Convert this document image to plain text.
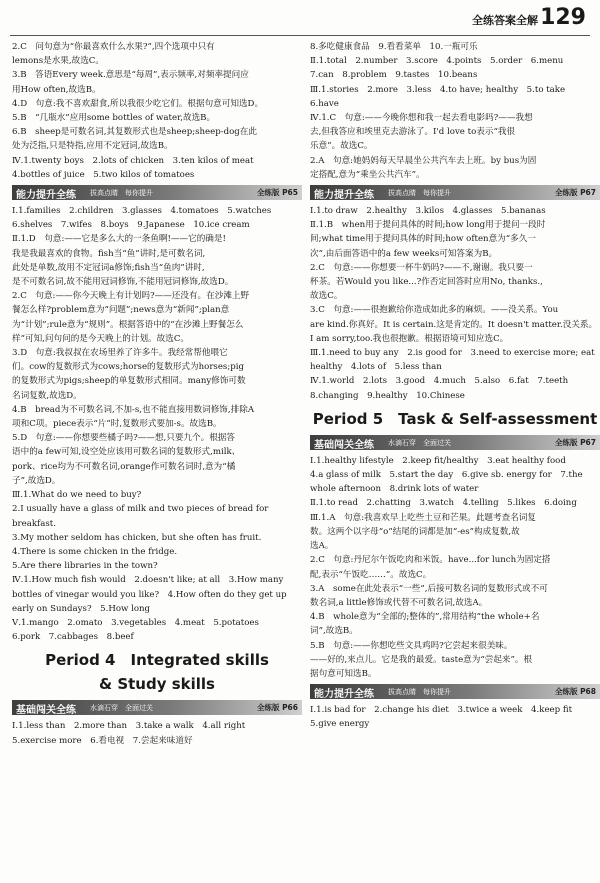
全练答案全解 129
2.C　问句意为“你最喜欢什么水果?”,四个选项中只有
lemons是水果,故选C。
3.B　答语Every week.意思是“每周”,表示频率,对频率提问应
用How often,故选B。
4.D　句意:我不喜欢甜食,所以我很少吃它们。根据句意可知选D。
5.B　“几瓶水”应用some bottles of water,故选B。
6.B　sheep是可数名词,其复数形式也是sheep;sheep-dog在此
处为泛指,只是特指,应用不定冠词,故选B。
Ⅳ.1.twenty boys　2.lots of chicken　3.ten kilos of meat
4.bottles of juice　5.two kilos of tomatoes
能力提升全练 拔高点睛　每你提升	全练版 P65
Ⅰ.1.families　2.children　3.glasses　4.tomatoes　5.watches
6.shelves　7.wifes　8.boys　9.Japanese　10.ice cream
Ⅱ.1.D　句意:——它是多么大的一条鱼啊!——它的确是!
我是我最喜欢的食物。fish当“鱼”讲时,是可数名词,
此处是单数,故用不定冠词a修饰;fish当“鱼肉”讲时,
是不可数名词,故不能用冠词修饰,不能用冠词修饰,故选D。
2.C　句意:——你今天晚上有计划吗?——还没有。在沙滩上野
餐怎么样?problem意为“问题”;news意为“新闻”;plan意
为“计划”;rule意为“规则”。根据答语中的“在沙滩上野餐怎么
样”可知,问句问的是今天晚上的计划。故选C。
3.D　句意:我叔叔在农场里养了许多牛。我经常帮他喂它
们。cow的复数形式为cows;horse的复数形式为horses;pig
的复数形式为pigs;sheep的单复数形式相同。many修饰可数
名词复数,故选D。
4.B　bread为不可数名词,不加-s,也不能直接用数词修饰,排除A
项和C项。piece表示“片”时,复数形式要加-s。故选B。
5.D　句意:——你想要些橘子吗?——想,只要九个。根据答
语中的a few可知,设空处应该用可数名词的复数形式,milk、
pork、rice均为不可数名词,orange作可数名词时,意为“橘
子”,故选D。
Ⅲ.1.What do we need to buy?
2.I usually have a glass of milk and two pieces of bread for
breakfast.
3.My mother seldom has chicken, but she often has fruit.
4.There is some chicken in the fridge.
5.Are there libraries in the town?
Ⅳ.1.How much fish would　2.doesn't like; at all　3.How many
bottles of vinegar would you like?　4.How often do they get up
early on Sundays?　5.How long
Ⅴ.1.mango　2.omato　3.vegetables　4.meat　5.potatoes
6.pork　7.cabbages　8.beef
Period 4　Integrated skills
& Study skills
基础闯关全练 水滴石穿　全面过关	全练版 P66
Ⅰ.1.less than　2.more than　3.take a walk　4.all right
5.exercise more　6.看电视　7.尝起来味道好
8.多吃健康食品　9.看看菜单　10.一瓶可乐
Ⅱ.1.total　2.number　3.score　4.points　5.order　6.menu
7.can　8.problem　9.tastes　10.beans
Ⅲ.1.stories　2.more　3.less　4.to have; healthy　5.to take
6.have
Ⅳ.1.C　句意:——今晚你想和我一起去看电影吗?——我想
去,但我答应和埃里克去游泳了。I'd love to表示“我很
乐意”。故选C。
2.A　句意:她妈妈每天早晨坐公共汽车去上班。by bus为固
定搭配,意为“乘坐公共汽车”。
能力提升全练 拔高点睛　每你提升	全练版 P67
Ⅰ.1.to draw　2.healthy　3.kilos　4.glasses　5.bananas
Ⅱ.1.B　when用于提问具体的时间;how long用于提问一段时
间;what time用于提问具体的时间;how often意为“多久一
次”,由后面答语中的a few weeks可知答案为B。
2.C　句意:——你想要一杯牛奶吗?——不,谢谢。我只要一
杯茶。若Would you like...?作否定回答时应用No, thanks.,
故选C。
3.C　句意:——很抱歉给你造成如此多的麻烦。——没关系。You
are kind.你真好。It is certain.这是肯定的。It doesn't matter.没关系。
I am sorry,too.我也很抱歉。根据语境可知应选C。
Ⅲ.1.need to buy any　2.is good for　3.need to exercise more; eat
healthy　4.lots of　5.less than
Ⅳ.1.world　2.lots　3.good　4.much　5.also　6.fat　7.teeth
8.changing　9.healthy　10.Chinese
Period 5　Task & Self-assessment
基础闯关全练 水滴石穿　全面过关	全练版 P67
Ⅰ.1.healthy lifestyle　2.keep fit/healthy　3.eat healthy food
4.a glass of milk　5.start the day　6.give sb. energy for　7.the
whole afternoon　8.drink lots of water
Ⅱ.1.to read　2.chatting　3.watch　4.telling　5.likes　6.doing
Ⅲ.1.A　句意:我喜欢早上吃些土豆和芒果。此题考查名词复
数。这两个以字母“o”结尾的词都是加“-es”构成复数,故
选A。
2.C　句意:丹尼尔午饭吃肉和米饭。have...for lunch为固定搭
配,表示“午饭吃……”。故选C。
3.A　some在此处表示“一些”,后接可数名词的复数形式或不可
数名词,a little修饰或代替不可数名词,故选A。
4.B　whole意为“全部的;整体的”,常用结构“the whole+名
词”,故选B。
5.B　句意:——你想吃些文具鸡吗?它尝起来很美味。
——好的,来点儿。它是我的最爱。taste意为“尝起来”。根
据句意可知选B。
能力提升全练 拔高点睛　每你提升	全练版 P68
Ⅰ.1.is bad for　2.change his diet　3.twice a week　4.keep fit
5.give energy
